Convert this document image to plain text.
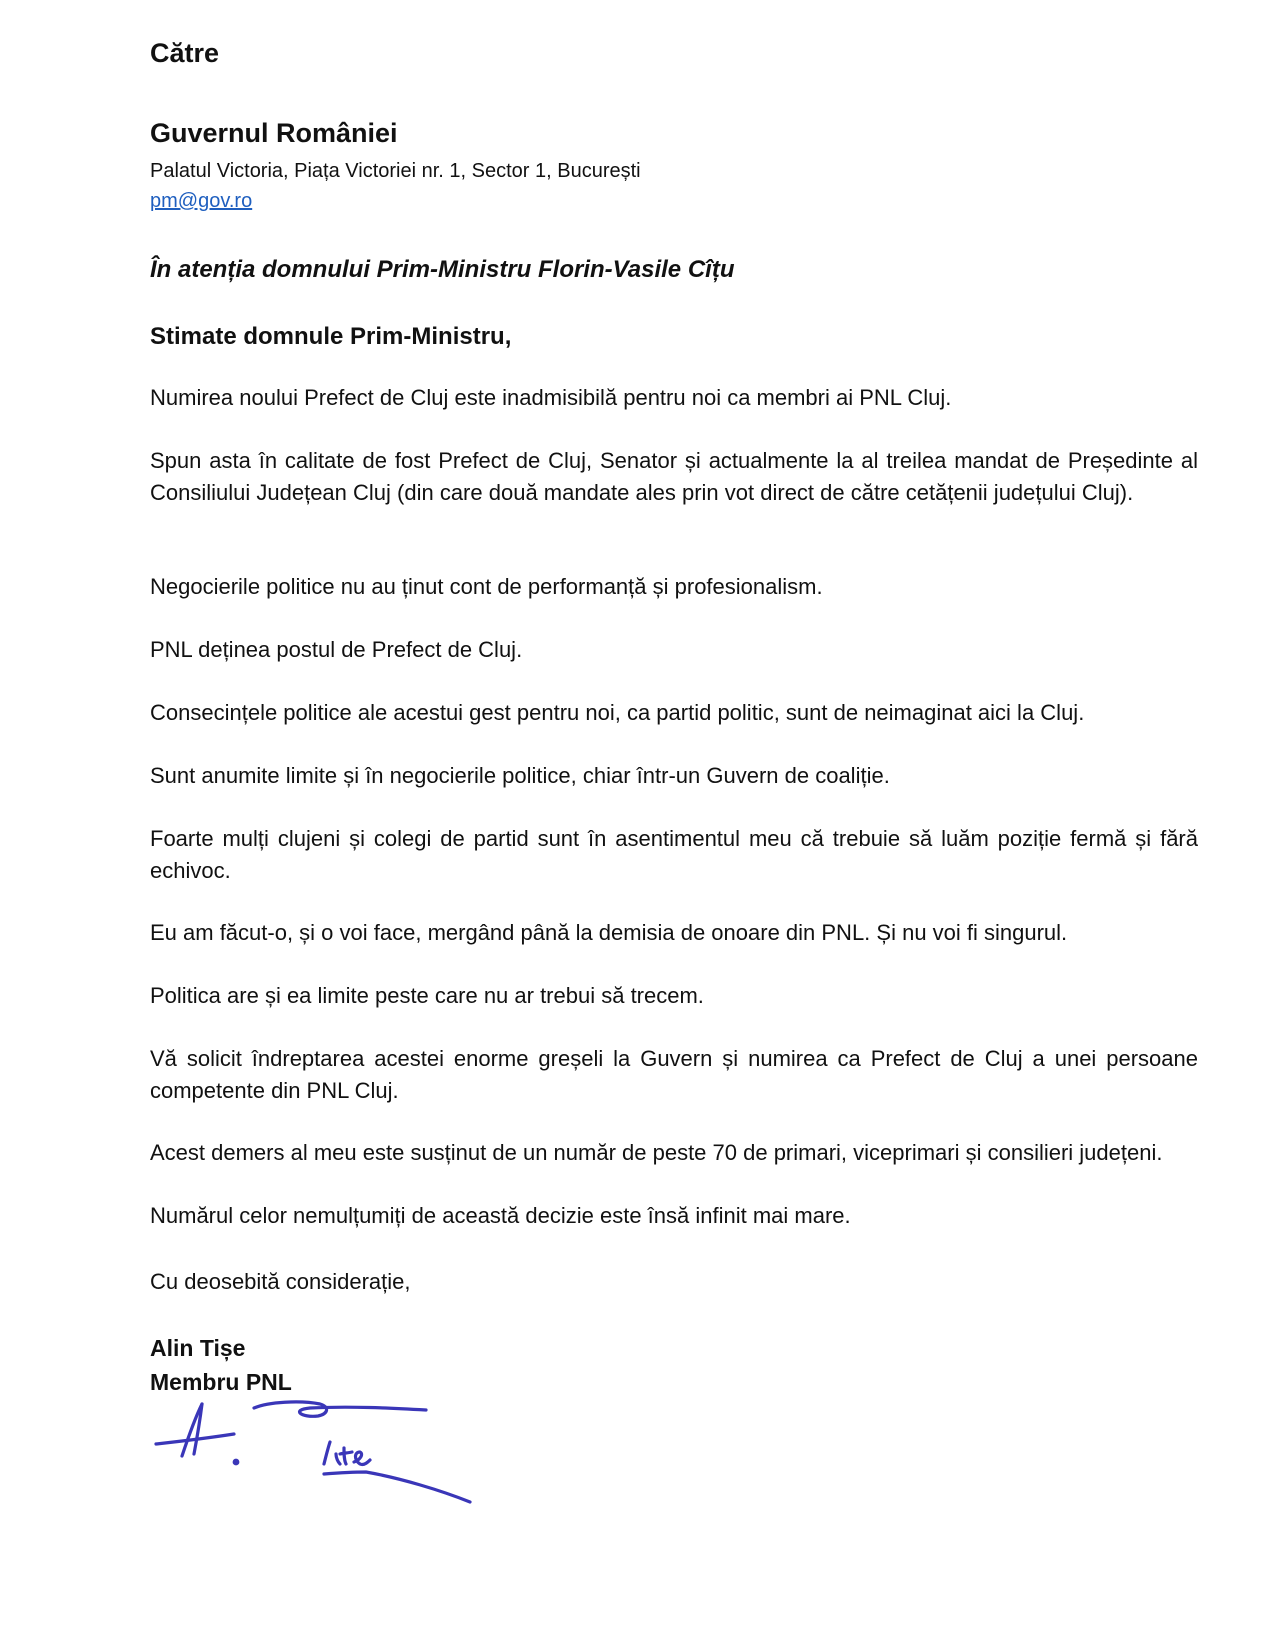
Către

Guvernul României

Palatul Victoria, Piața Victoriei nr. 1, Sector 1, București

pm@gov.ro

În atenția domnului Prim-Ministru Florin-Vasile Cîțu

Stimate domnule Prim-Ministru,

Numirea noului Prefect de Cluj este inadmisibilă pentru noi ca membri ai PNL Cluj.

Spun asta în calitate de fost Prefect de Cluj, Senator și actualmente la al treilea mandat de Președinte al Consiliului Județean Cluj (din care două mandate ales prin vot direct de către cetățenii județului Cluj).

Negocierile politice nu au ținut cont de performanță și profesionalism.

PNL deținea postul de Prefect de Cluj.

Consecințele politice ale acestui gest pentru noi, ca partid politic, sunt de neimaginat aici la Cluj.

Sunt anumite limite și în negocierile politice, chiar într-un Guvern de coaliție.

Foarte mulți clujeni și colegi de partid sunt în asentimentul meu că trebuie să luăm poziție fermă și fără echivoc.

Eu am făcut-o, și o voi face, mergând până la demisia de onoare din PNL. Și nu voi fi singurul.

Politica are și ea limite peste care nu ar trebui să trecem.

Vă solicit îndreptarea acestei enorme greșeli la Guvern și numirea ca Prefect de Cluj a unei persoane competente din PNL Cluj.

Acest demers al meu este susținut de un număr de peste 70 de primari, viceprimari și consilieri județeni.

Numărul celor nemulțumiți de această decizie este însă infinit mai mare.

Cu deosebită considerație,

Alin Tișe

Membru PNL
